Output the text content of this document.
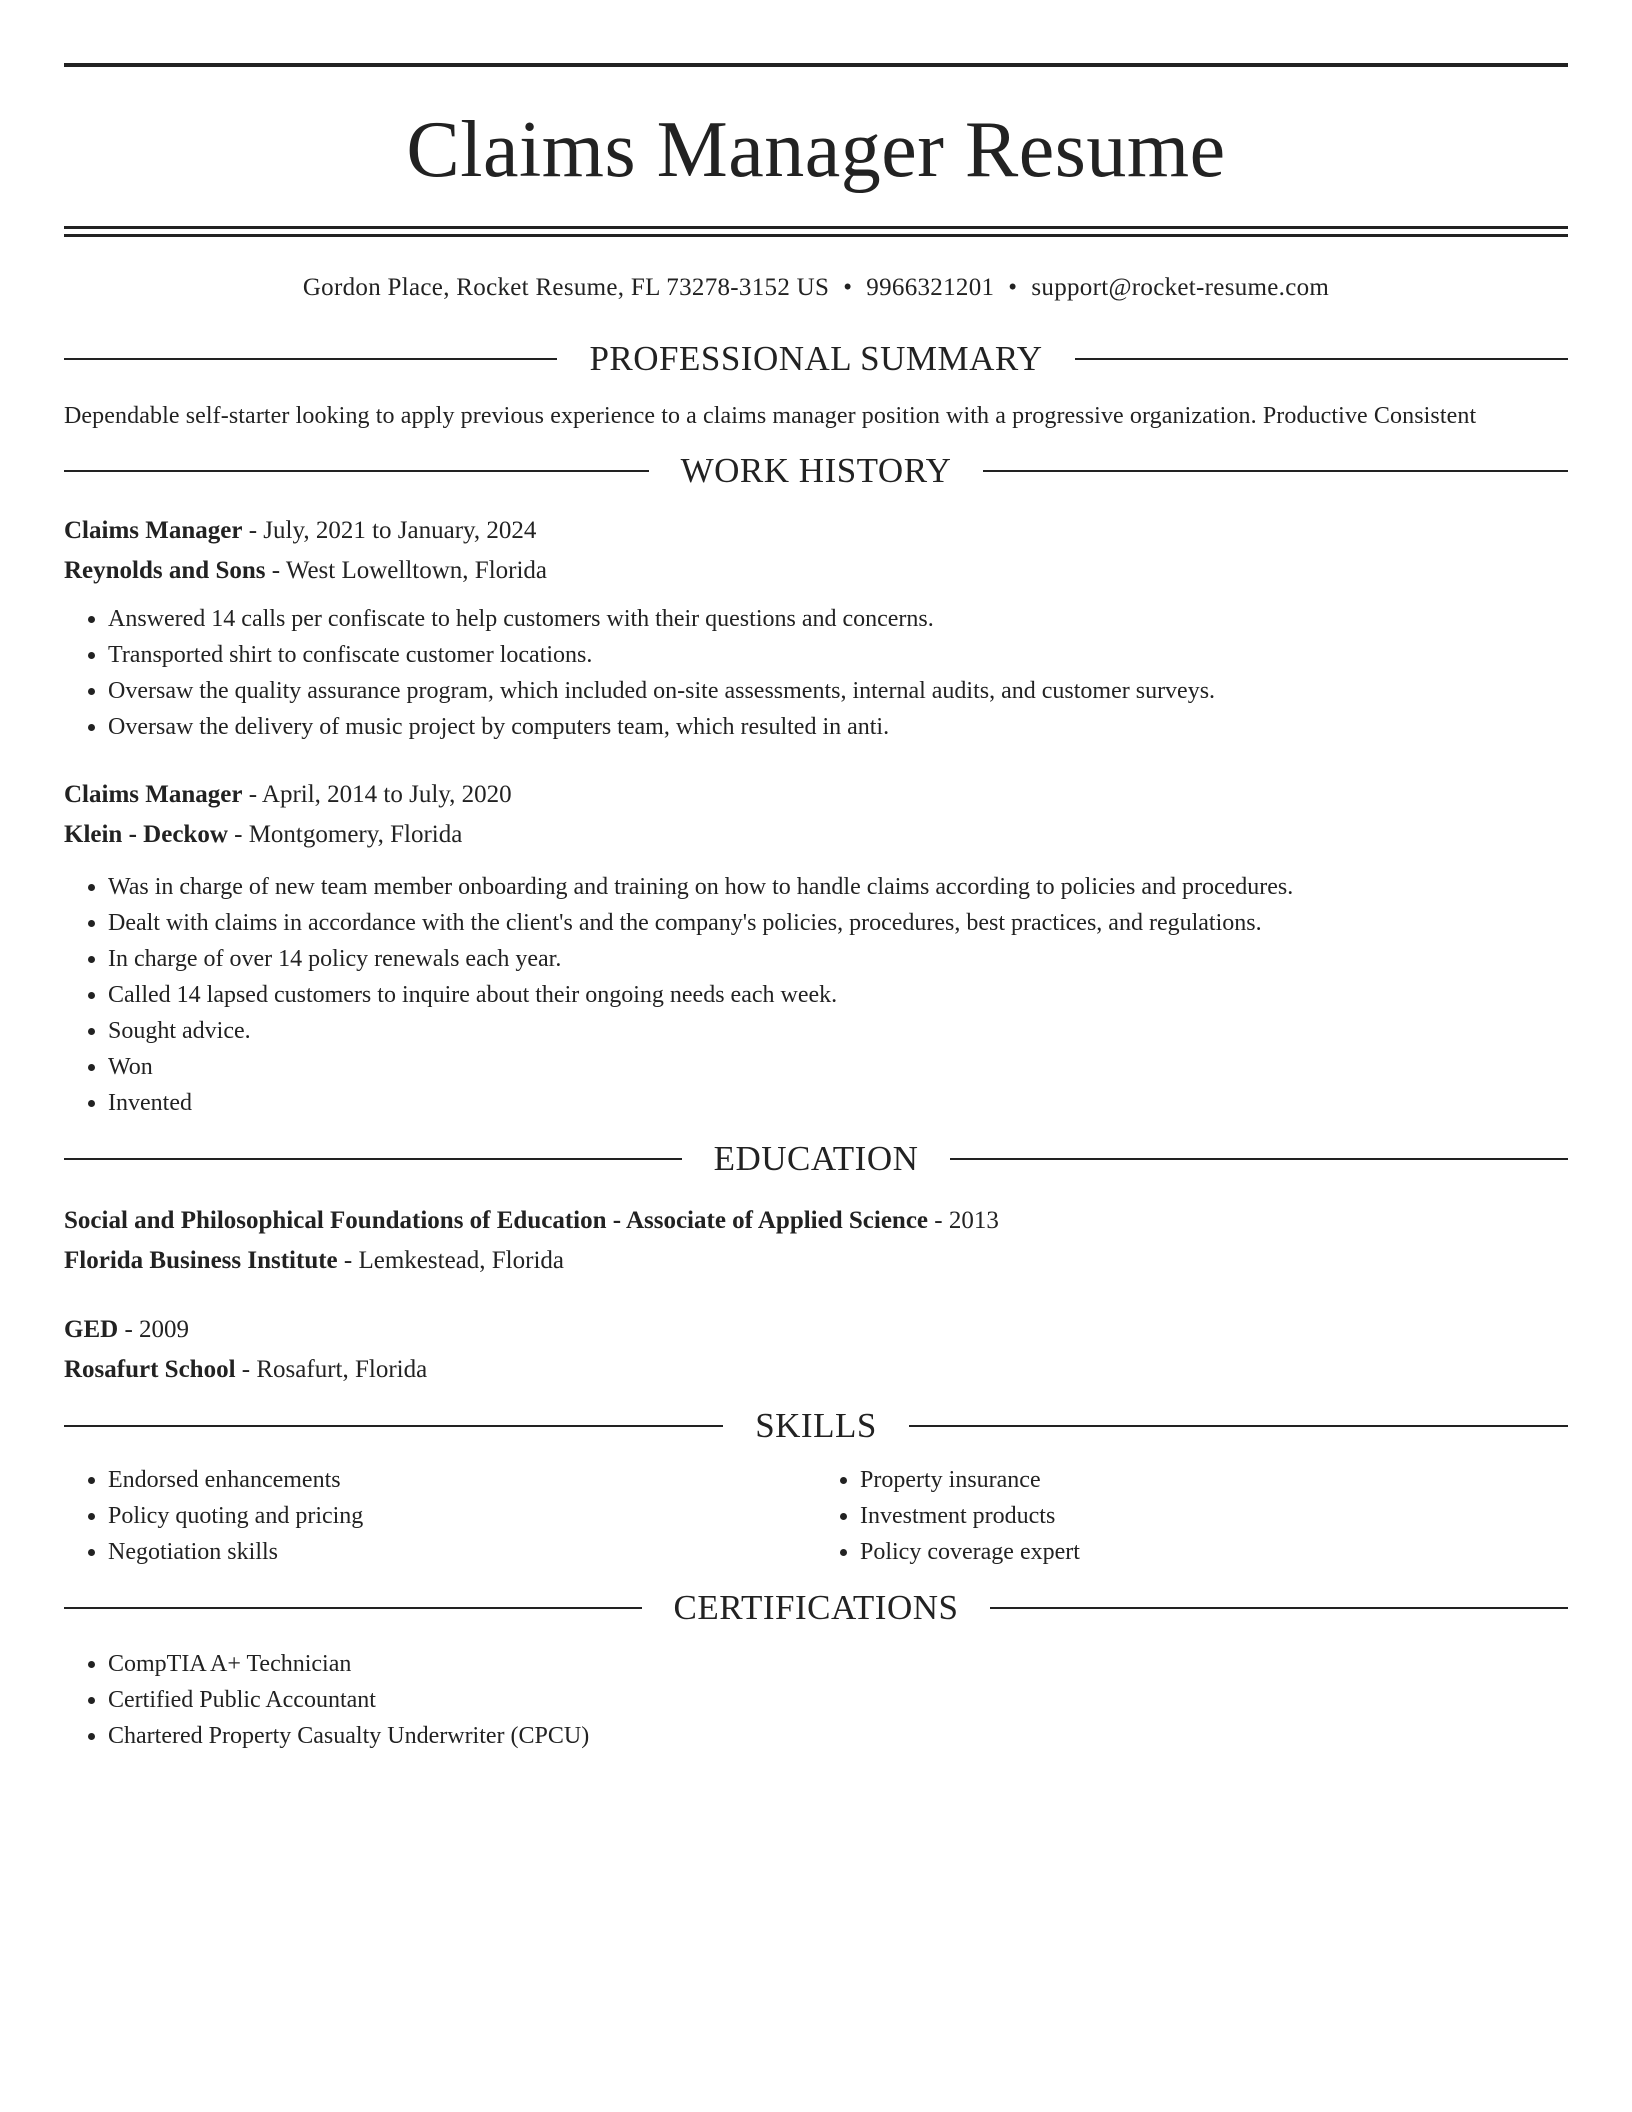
Claims Manager Resume
Gordon Place, Rocket Resume, FL 73278-3152 US • 9966321201 • support@rocket-resume.com
PROFESSIONAL SUMMARY

Dependable self-starter looking to apply previous experience to a claims manager position with a progressive organization. Productive Consistent

WORK HISTORY

Claims Manager - July, 2021 to January, 2024

Reynolds and Sons - West Lowelltown, Florida

• Answered 14 calls per confiscate to help customers with their questions and concerns.
• Transported shirt to confiscate customer locations.
• Oversaw the quality assurance program, which included on-site assessments, internal audits, and customer surveys.
• Oversaw the delivery of music project by computers team, which resulted in anti.

Claims Manager - April, 2014 to July, 2020

Klein - Deckow - Montgomery, Florida

• Was in charge of new team member onboarding and training on how to handle claims according to policies and procedures.
• Dealt with claims in accordance with the client's and the company's policies, procedures, best practices, and regulations.
• In charge of over 14 policy renewals each year.
• Called 14 lapsed customers to inquire about their ongoing needs each week.
• Sought advice.
• Won
• Invented
EDUCATION

Social and Philosophical Foundations of Education - Associate of Applied Science - 2013

Florida Business Institute - Lemkestead, Florida

GED - 2009

Rosafurt School - Rosafurt, Florida

SKILLS
• Endorsed enhancements
• Policy quoting and pricing
• Negotiation skills
• Property insurance
• Investment products
• Policy coverage expert
CERTIFICATIONS
• CompTIA A+ Technician
• Certified Public Accountant
• Chartered Property Casualty Underwriter (CPCU)
